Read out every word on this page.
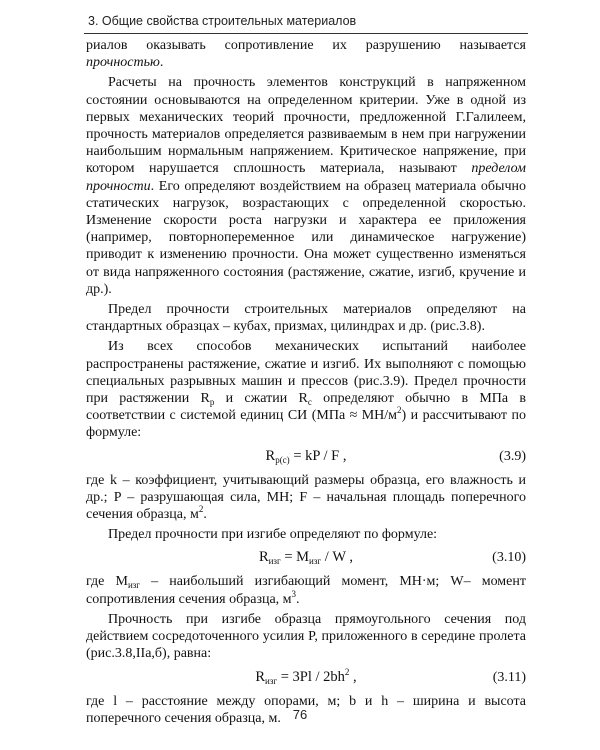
3. Общие свойства строительных материалов

риалов оказывать сопротивление их разрушению называется прочностью.

Расчеты на прочность элементов конструкций в напряженном состоянии основываются на определенном критерии. Уже в одной из первых механических теорий прочности, предложенной Г.Галилеем, прочность материалов определяется развиваемым в нем при нагружении наибольшим нормальным напряжением. Критическое напряжение, при котором нарушается сплошность материала, называют пределом прочности. Его определяют воздействием на образец материала обычно статических нагрузок, возрастающих с определенной скоростью. Изменение скорости роста нагрузки и характера ее приложения (например, повторнопеременное или динамическое нагружение) приводит к изменению прочности. Она может существенно изменяться от вида напряженного состояния (растяжение, сжатие, изгиб, кручение и др.).

Предел прочности строительных материалов определяют на стандартных образцах – кубах, призмах, цилиндрах и др. (рис.3.8).

Из всех способов механических испытаний наиболее распространены растяжение, сжатие и изгиб. Их выполняют с помощью специальных разрывных машин и прессов (рис.3.9). Предел прочности при растяжении $R_р$ и сжатии $R_с$ определяют обычно в МПа в соответствии с системой единиц СИ $(МПа \approx МН/м^2)$ и рассчитывают по формуле:

$R_{р(с)}$ = kP / F ,	(3.9)

где k – коэффициент, учитывающий размеры образца, его влажность и др.; P – разрушающая сила, МН; F – начальная площадь поперечного сечения образца, $м^2$.

Предел прочности при изгибе определяют по формуле:

$R_{изг} = M_{изг} / W$ ,	(3.10)

где $M_{изг}$ – наибольший изгибающий момент, МН·м; W– момент сопротивления сечения образца, $м^3$.

Прочность при изгибе образца прямоугольного сечения под действием сосредоточенного усилия P, приложенного в середине пролета (рис.3.8,IIа,б), равна:

$R_{изг} = 3Pl / 2bh^2$ ,	(3.11)

где l – расстояние между опорами, м; b и h – ширина и высота поперечного сечения образца, м. 76
